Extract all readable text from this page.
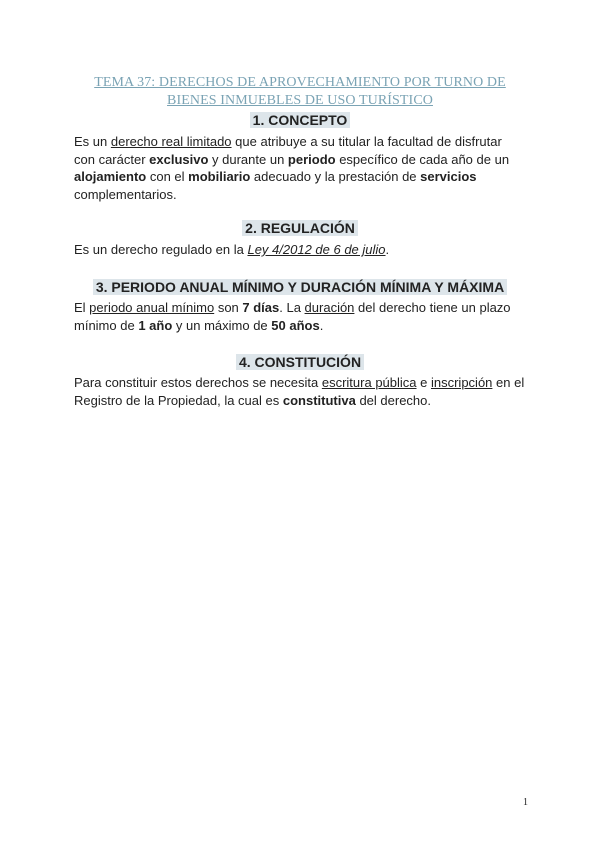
TEMA 37: DERECHOS DE APROVECHAMIENTO POR TURNO DE
BIENES INMUEBLES DE USO TURÍSTICO
1. CONCEPTO
Es un derecho real limitado que atribuye a su titular la facultad de disfrutar con carácter exclusivo y durante un periodo específico de cada año de un alojamiento con el mobiliario adecuado y la prestación de servicios complementarios.
2. REGULACIÓN
Es un derecho regulado en la Ley 4/2012 de 6 de julio.
3. PERIODO ANUAL MÍNIMO Y DURACIÓN MÍNIMA Y MÁXIMA
El periodo anual mínimo son 7 días. La duración del derecho tiene un plazo mínimo de 1 año y un máximo de 50 años.
4. CONSTITUCIÓN
Para constituir estos derechos se necesita escritura pública e inscripción en el Registro de la Propiedad, la cual es constitutiva del derecho.
1
